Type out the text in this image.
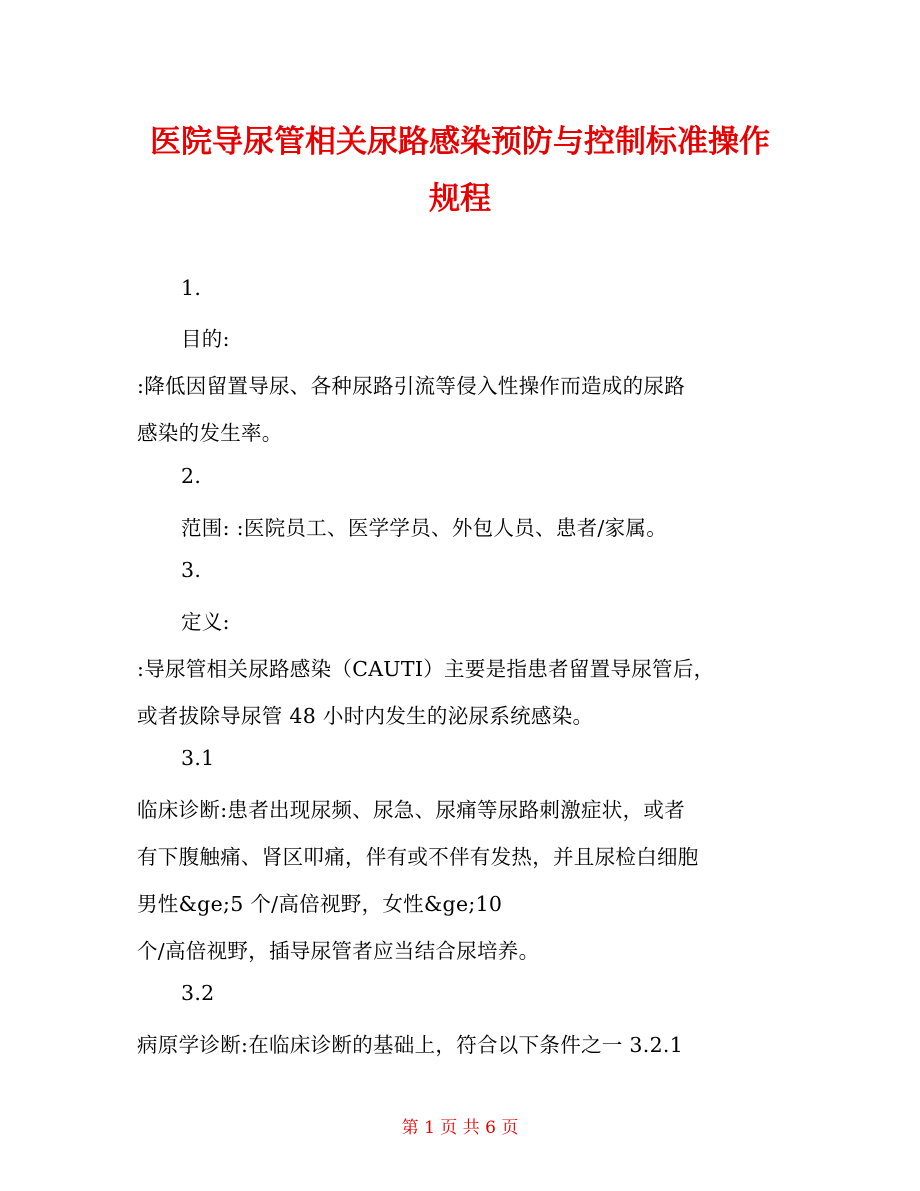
医院导尿管相关尿路感染预防与控制标准操作
规程
1.
目的:
:降低因留置导尿、各种尿路引流等侵入性操作而造成的尿路
感染的发生率。
2.
范围: :医院员工、医学学员、外包人员、患者/家属。
3.
定义:
:导尿管相关尿路感染（CAUTI）主要是指患者留置导尿管后，
或者拔除导尿管 48 小时内发生的泌尿系统感染。
3.1
临床诊断:患者出现尿频、尿急、尿痛等尿路刺激症状，或者
有下腹触痛、肾区叩痛，伴有或不伴有发热，并且尿检白细胞
男性&ge;5 个/高倍视野，女性&ge;10
个/高倍视野，插导尿管者应当结合尿培养。
3.2
病原学诊断:在临床诊断的基础上，符合以下条件之一 3.2.1
第 1 页 共 6 页
